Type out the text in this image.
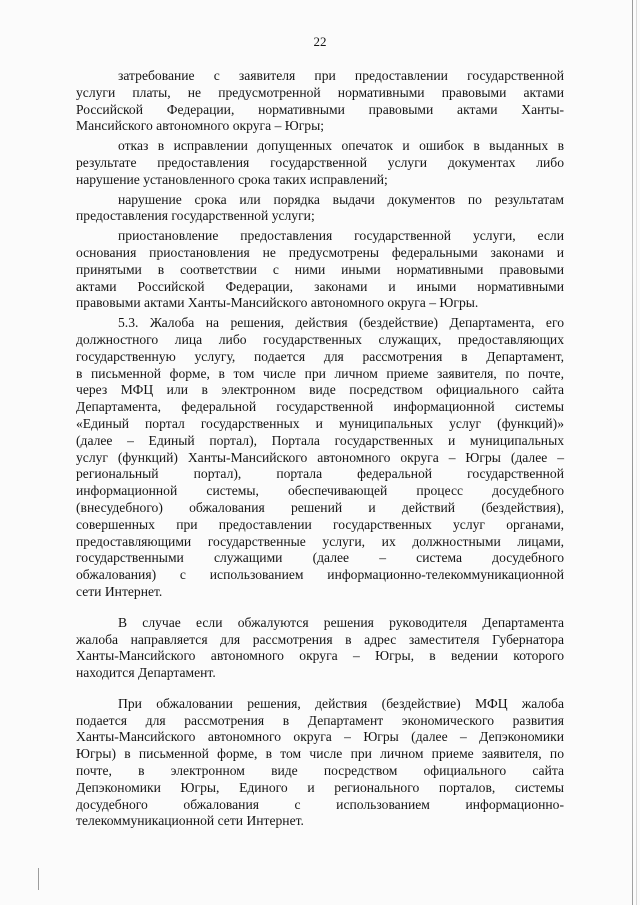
22
затребование с заявителя при предоставлении государственной
услуги платы, не предусмотренной нормативными правовыми актами
Российской Федерации, нормативными правовыми актами Ханты-
Мансийского автономного округа – Югры;
отказ в исправлении допущенных опечаток и ошибок в выданных в
результате предоставления государственной услуги документах либо
нарушение установленного срока таких исправлений;
нарушение срока или порядка выдачи документов по результатам
предоставления государственной услуги;
приостановление предоставления государственной услуги, если
основания приостановления не предусмотрены федеральными законами и
принятыми в соответствии с ними иными нормативными правовыми
актами Российской Федерации, законами и иными нормативными
правовыми актами Ханты-Мансийского автономного округа – Югры.
5.3. Жалоба на решения, действия (бездействие) Департамента, его
должностного лица либо государственных служащих, предоставляющих
государственную услугу, подается для рассмотрения в Департамент,
в письменной форме, в том числе при личном приеме заявителя, по почте,
через МФЦ или в электронном виде посредством официального сайта
Департамента, федеральной государственной информационной системы
«Единый портал государственных и муниципальных услуг (функций)»
(далее – Единый портал), Портала государственных и муниципальных
услуг (функций) Ханты-Мансийского автономного округа – Югры (далее –
региональный портал), портала федеральной государственной
информационной системы, обеспечивающей процесс досудебного
(внесудебного) обжалования решений и действий (бездействия),
совершенных при предоставлении государственных услуг органами,
предоставляющими государственные услуги, их должностными лицами,
государственными служащими (далее – система досудебного
обжалования) с использованием информационно-телекоммуникационной
сети Интернет.
В случае если обжалуются решения руководителя Департамента
жалоба направляется для рассмотрения в адрес заместителя Губернатора
Ханты-Мансийского автономного округа – Югры, в ведении которого
находится Департамент.
При обжаловании решения, действия (бездействие) МФЦ жалоба
подается для рассмотрения в Департамент экономического развития
Ханты-Мансийского автономного округа – Югры (далее – Депэкономики
Югры) в письменной форме, в том числе при личном приеме заявителя, по
почте, в электронном виде посредством официального сайта
Депэкономики Югры, Единого и регионального порталов, системы
досудебного обжалования с использованием информационно-
телекоммуникационной сети Интернет.
